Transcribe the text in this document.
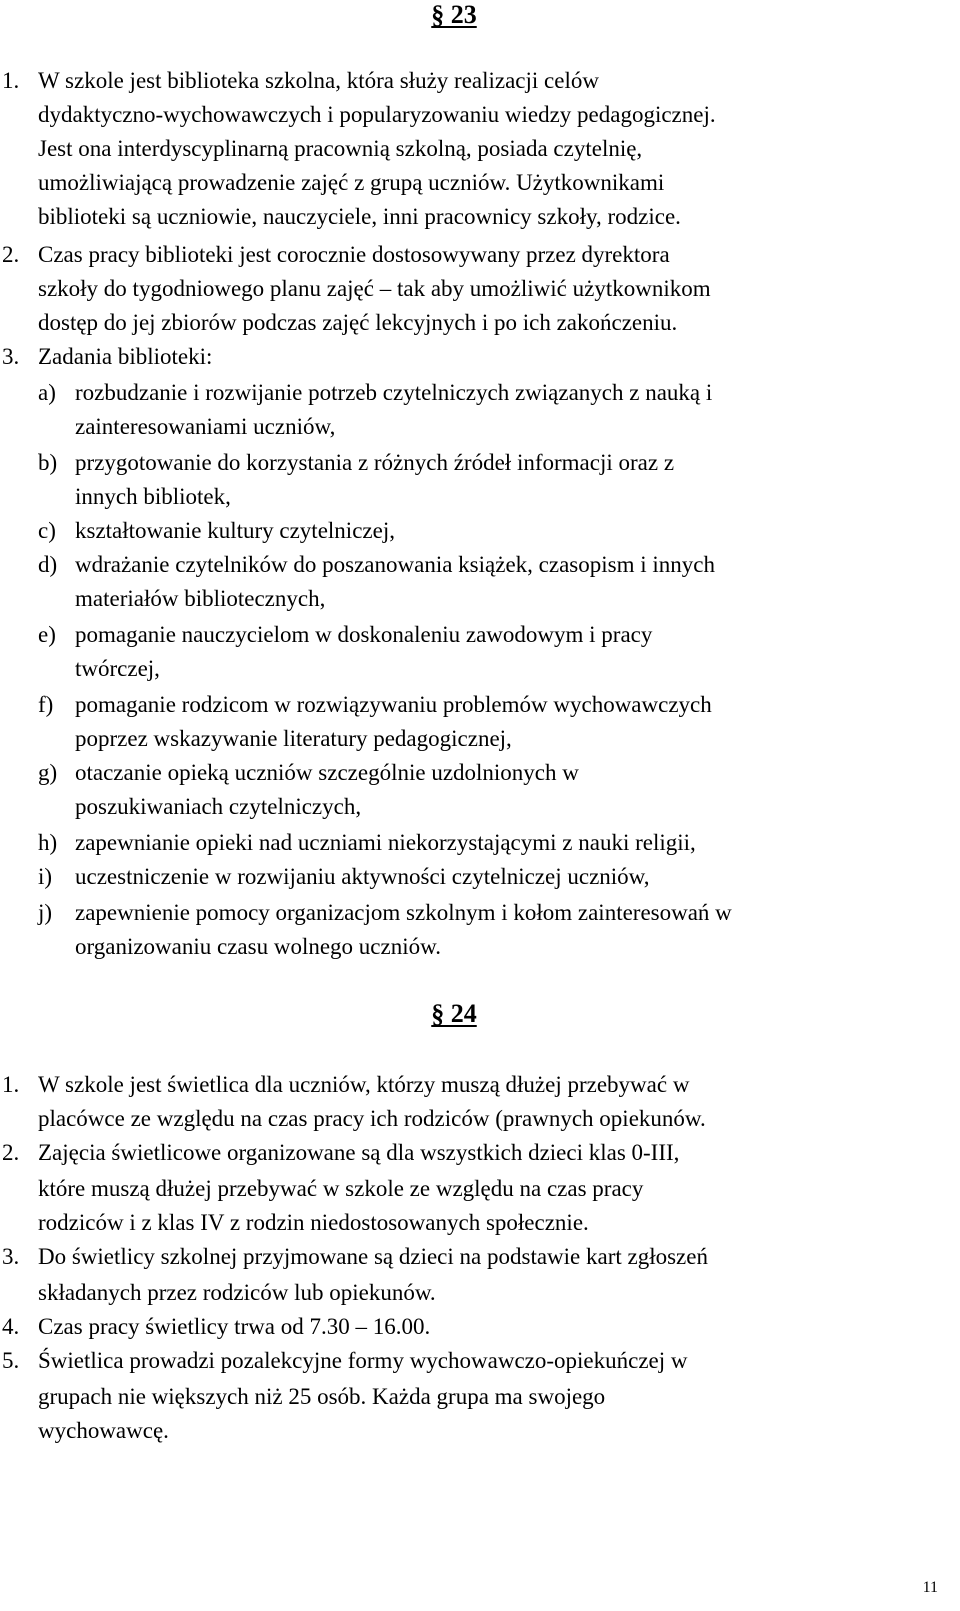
§ 23
1. W szkole jest biblioteka szkolna, która służy realizacji celów
dydaktyczno-wychowawczych i popularyzowaniu wiedzy pedagogicznej.
Jest ona interdyscyplinarną pracownią szkolną, posiada czytelnię,
umożliwiającą prowadzenie zajęć z grupą uczniów. Użytkownikami
biblioteki są uczniowie, nauczyciele, inni pracownicy szkoły, rodzice.
2. Czas pracy biblioteki jest corocznie dostosowywany przez dyrektora
szkoły do tygodniowego planu zajęć – tak aby umożliwić użytkownikom
dostęp do jej zbiorów podczas zajęć lekcyjnych i po ich zakończeniu.
3. Zadania biblioteki:
a) rozbudzanie i rozwijanie potrzeb czytelniczych związanych z nauką i
zainteresowaniami uczniów,
b) przygotowanie do korzystania z różnych źródeł informacji oraz z
innych bibliotek,
c) kształtowanie kultury czytelniczej,
d) wdrażanie czytelników do poszanowania książek, czasopism i innych
materiałów bibliotecznych,
e) pomaganie nauczycielom w doskonaleniu zawodowym i pracy
twórczej,
f) pomaganie rodzicom w rozwiązywaniu problemów wychowawczych
poprzez wskazywanie literatury pedagogicznej,
g) otaczanie opieką uczniów szczególnie uzdolnionych w
poszukiwaniach czytelniczych,
h) zapewnianie opieki nad uczniami niekorzystającymi z nauki religii,
i) uczestniczenie w rozwijaniu aktywności czytelniczej uczniów,
j) zapewnienie pomocy organizacjom szkolnym i kołom zainteresowań w
organizowaniu czasu wolnego uczniów.
§ 24
1. W szkole jest świetlica dla uczniów, którzy muszą dłużej przebywać w
placówce ze względu na czas pracy ich rodziców (prawnych opiekunów.
2. Zajęcia świetlicowe organizowane są dla wszystkich dzieci klas 0-III,
które muszą dłużej przebywać w szkole ze względu na czas pracy
rodziców i z klas IV z rodzin niedostosowanych społecznie.
3. Do świetlicy szkolnej przyjmowane są dzieci na podstawie kart zgłoszeń
składanych przez rodziców lub opiekunów.
4. Czas pracy świetlicy trwa od 7.30 – 16.00.
5. Świetlica prowadzi pozalekcyjne formy wychowawczo-opiekuńczej w
grupach nie większych niż 25 osób. Każda grupa ma swojego
wychowawcę.
11
